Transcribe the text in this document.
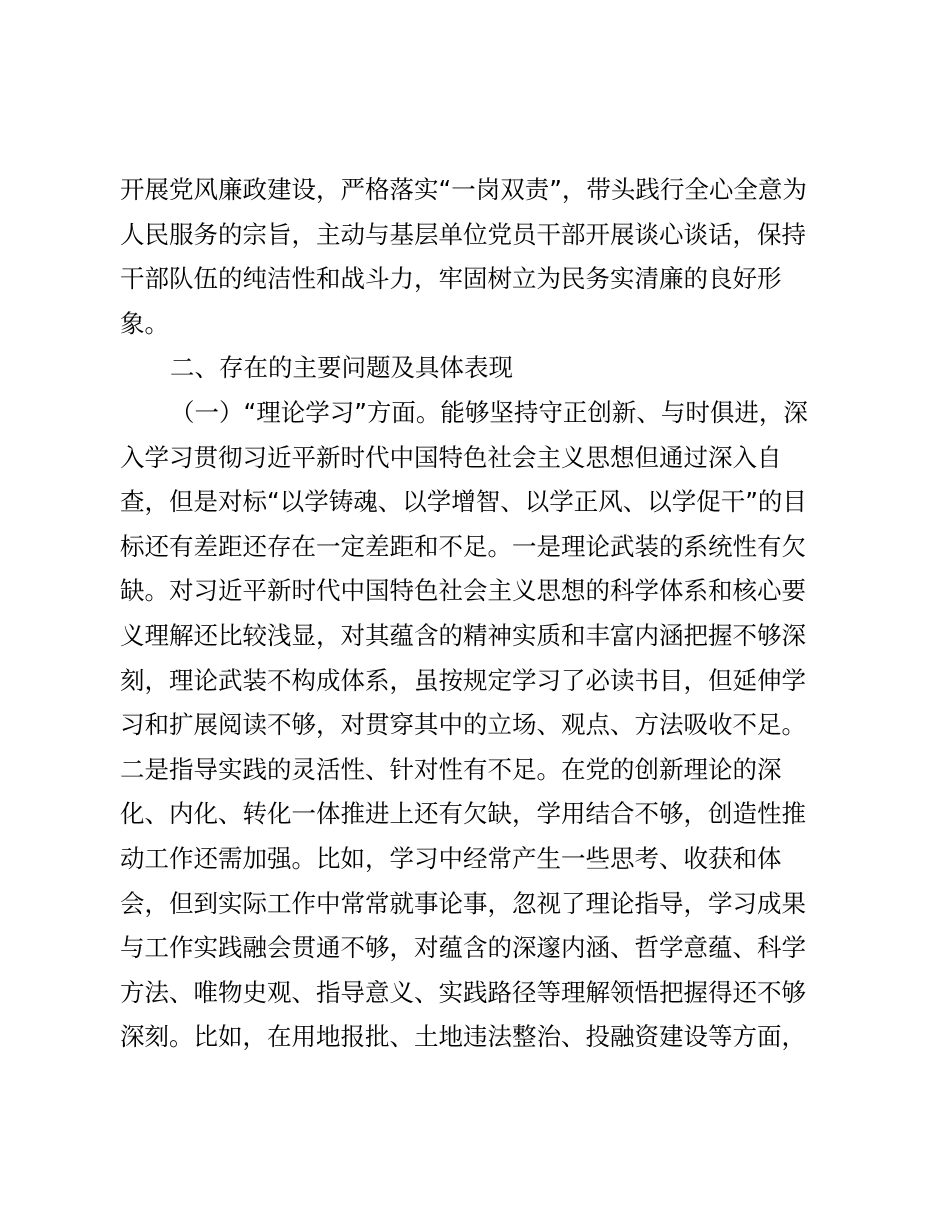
开展党风廉政建设，严格落实“一岗双责”，带头践行全心全意为
人民服务的宗旨，主动与基层单位党员干部开展谈心谈话，保持
干部队伍的纯洁性和战斗力，牢固树立为民务实清廉的良好形
象。
二、存在的主要问题及具体表现
（一）“理论学习”方面。能够坚持守正创新、与时俱进，深
入学习贯彻习近平新时代中国特色社会主义思想但通过深入自
查，但是对标“以学铸魂、以学增智、以学正风、以学促干”的目
标还有差距还存在一定差距和不足。一是理论武装的系统性有欠
缺。对习近平新时代中国特色社会主义思想的科学体系和核心要
义理解还比较浅显，对其蕴含的精神实质和丰富内涵把握不够深
刻，理论武装不构成体系，虽按规定学习了必读书目，但延伸学
习和扩展阅读不够，对贯穿其中的立场、观点、方法吸收不足。
二是指导实践的灵活性、针对性有不足。在党的创新理论的深
化、内化、转化一体推进上还有欠缺，学用结合不够，创造性推
动工作还需加强。比如，学习中经常产生一些思考、收获和体
会，但到实际工作中常常就事论事，忽视了理论指导，学习成果
与工作实践融会贯通不够，对蕴含的深邃内涵、哲学意蕴、科学
方法、唯物史观、指导意义、实践路径等理解领悟把握得还不够
深刻。比如，在用地报批、土地违法整治、投融资建设等方面，
